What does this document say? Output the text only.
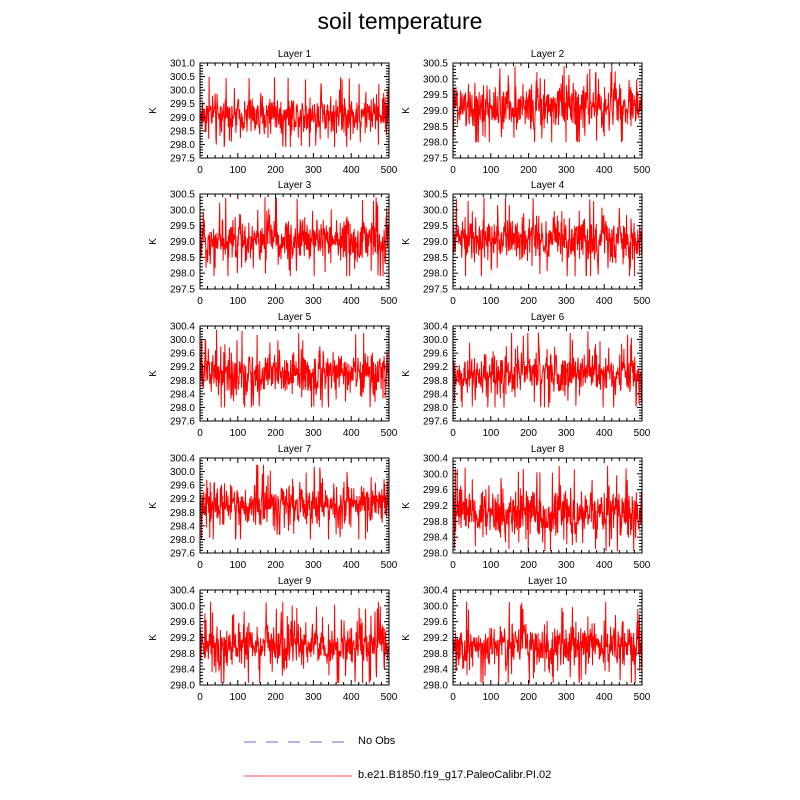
soil temperature
0	100 200 300 400 500
297.5
298.0
298.5
299.0
299.5
300.0
300.5
301.0
Layer 1
K
0	100 200 300 400 500
297.5
298.0
298.5
299.0
299.5
300.0
300.5
Layer 2
K
0	100 200 300 400 500
297.5
298.0
298.5
299.0
299.5
300.0
300.5
Layer 3
K
0	100 200 300 400 500
297.5
298.0
298.5
299.0
299.5
300.0
300.5
Layer 4
K
0	100 200 300 400 500
297.6
298.0
298.4
298.8
299.2
299.6
300.0
300.4
Layer 5
K
0	100 200 300 400 500
297.6
298.0
298.4
298.8
299.2
299.6
300.0
300.4
Layer 6
K
0	100 200 300 400 500
297.6
298.0
298.4
298.8
299.2
299.6
300.0
300.4
Layer 7
K
0	100 200 300 400 500
298.0
298.4
298.8
299.2
299.6
300.0
300.4
Layer 8
K
0	100 200 300 400 500
298.0
298.4
298.8
299.2
299.6
300.0
300.4
Layer 9
K
0	100 200 300 400 500
298.0
298.4
298.8
299.2
299.6
300.0
300.4
Layer 10
K
No Obs
b.e21.B1850.f19_g17.PaleoCalibr.PI.02
